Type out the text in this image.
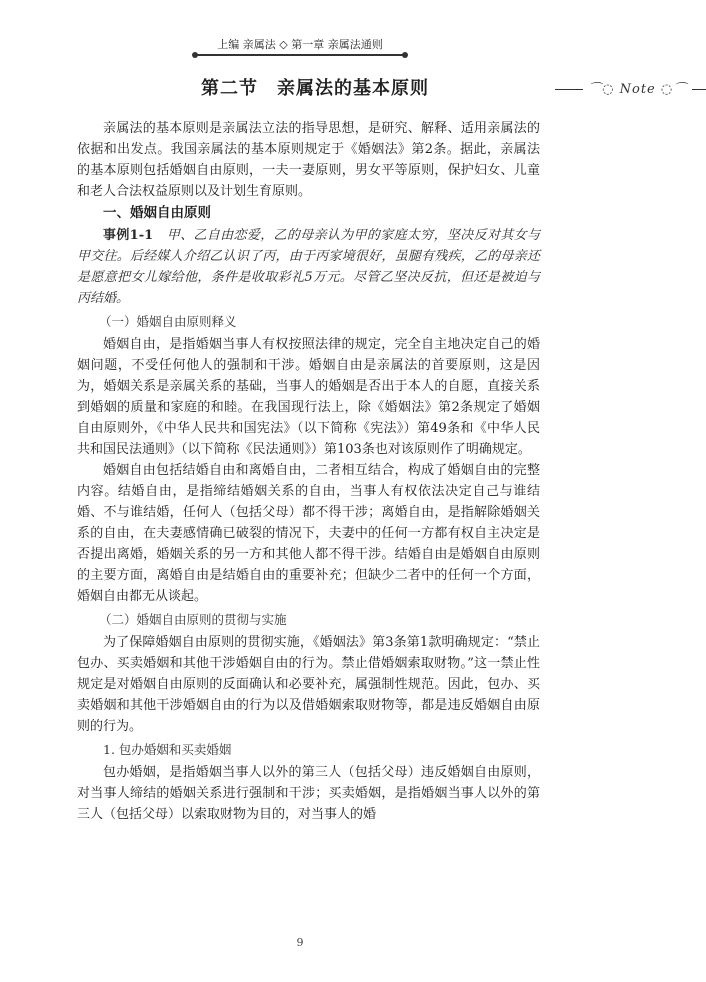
上编 亲属法 ◇ 第一章 亲属法通则
⌒◌ Note ◌⌒
第二节　亲属法的基本原则

亲属法的基本原则是亲属法立法的指导思想，是研究、解释、适用亲属法的依据和出发点。我国亲属法的基本原则规定于《婚姻法》第2条。据此，亲属法的基本原则包括婚姻自由原则，一夫一妻原则，男女平等原则，保护妇女、儿童和老人合法权益原则以及计划生育原则。

一、婚姻自由原则

事例1-1　 甲、乙自由恋爱，乙的母亲认为甲的家庭太穷，坚决反对其女与甲交往。后经媒人介绍乙认识了丙，由于丙家境很好，虽腿有残疾，乙的母亲还是愿意把女儿嫁给他，条件是收取彩礼5万元。尽管乙坚决反抗，但还是被迫与丙结婚。

（一）婚姻自由原则释义

婚姻自由，是指婚姻当事人有权按照法律的规定，完全自主地决定自己的婚姻问题，不受任何他人的强制和干涉。婚姻自由是亲属法的首要原则，这是因为，婚姻关系是亲属关系的基础，当事人的婚姻是否出于本人的自愿，直接关系到婚姻的质量和家庭的和睦。在我国现行法上，除《婚姻法》第2条规定了婚姻自由原则外，《中华人民共和国宪法》（以下简称《宪法》）第49条和《中华人民共和国民法通则》（以下简称《民法通则》）第103条也对该原则作了明确规定。

婚姻自由包括结婚自由和离婚自由，二者相互结合，构成了婚姻自由的完整内容。结婚自由，是指缔结婚姻关系的自由，当事人有权依法决定自己与谁结婚、不与谁结婚，任何人（包括父母）都不得干涉；离婚自由，是指解除婚姻关系的自由，在夫妻感情确已破裂的情况下，夫妻中的任何一方都有权自主决定是否提出离婚，婚姻关系的另一方和其他人都不得干涉。结婚自由是婚姻自由原则的主要方面，离婚自由是结婚自由的重要补充；但缺少二者中的任何一个方面，婚姻自由都无从谈起。

（二）婚姻自由原则的贯彻与实施

为了保障婚姻自由原则的贯彻实施，《婚姻法》第3条第1款明确规定：“禁止包办、买卖婚姻和其他干涉婚姻自由的行为。禁止借婚姻索取财物。”这一禁止性规定是对婚姻自由原则的反面确认和必要补充，属强制性规范。因此，包办、买卖婚姻和其他干涉婚姻自由的行为以及借婚姻索取财物等，都是违反婚姻自由原则的行为。

1. 包办婚姻和买卖婚姻

包办婚姻，是指婚姻当事人以外的第三人（包括父母）违反婚姻自由原则，对当事人缔结的婚姻关系进行强制和干涉；买卖婚姻，是指婚姻当事人以外的第三人（包括父母）以索取财物为目的，对当事人的婚

9
